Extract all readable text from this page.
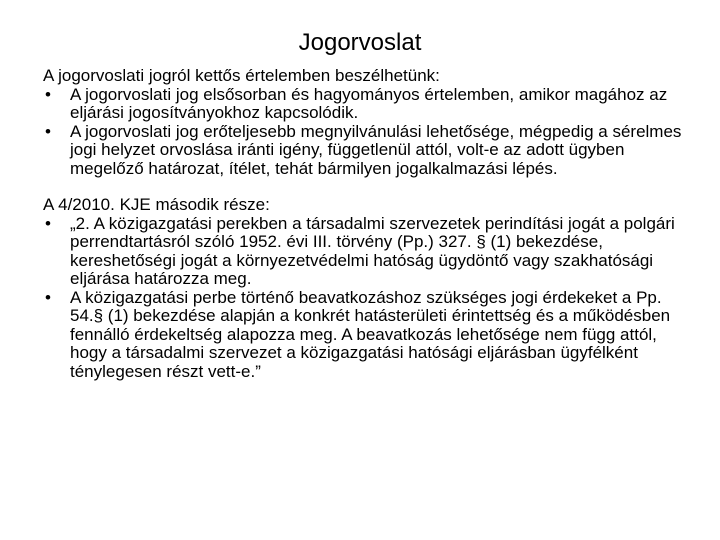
Jogorvoslat

A jogorvoslati jogról kettős értelemben beszélhetünk:

• A jogorvoslati jog elsősorban és hagyományos értelemben, amikor magához az eljárási jogosítványokhoz kapcsolódik.
• A jogorvoslati jog erőteljesebb megnyilvánulási lehetősége, mégpedig a sérelmes jogi helyzet orvoslása iránti igény, függetlenül attól, volt-e az adott ügyben megelőző határozat, ítélet, tehát bármilyen jogalkalmazási lépés.

A 4/2010. KJE második része:

• „2. A közigazgatási perekben a társadalmi szervezetek perindítási jogát a polgári perrendtartásról szóló 1952. évi III. törvény (Pp.) 327. § (1) bekezdése, kereshetőségi jogát a környezetvédelmi hatóság ügydöntő vagy szakhatósági eljárása határozza meg.
• A közigazgatási perbe történő beavatkozáshoz szükséges jogi érdekeket a Pp. 54.§ (1) bekezdése alapján a konkrét hatásterületi érintettség és a működésben fennálló érdekeltség alapozza meg. A beavatkozás lehetősége nem függ attól, hogy a társadalmi szervezet a közigazgatási hatósági eljárásban ügyfélként ténylegesen részt vett-e.”
